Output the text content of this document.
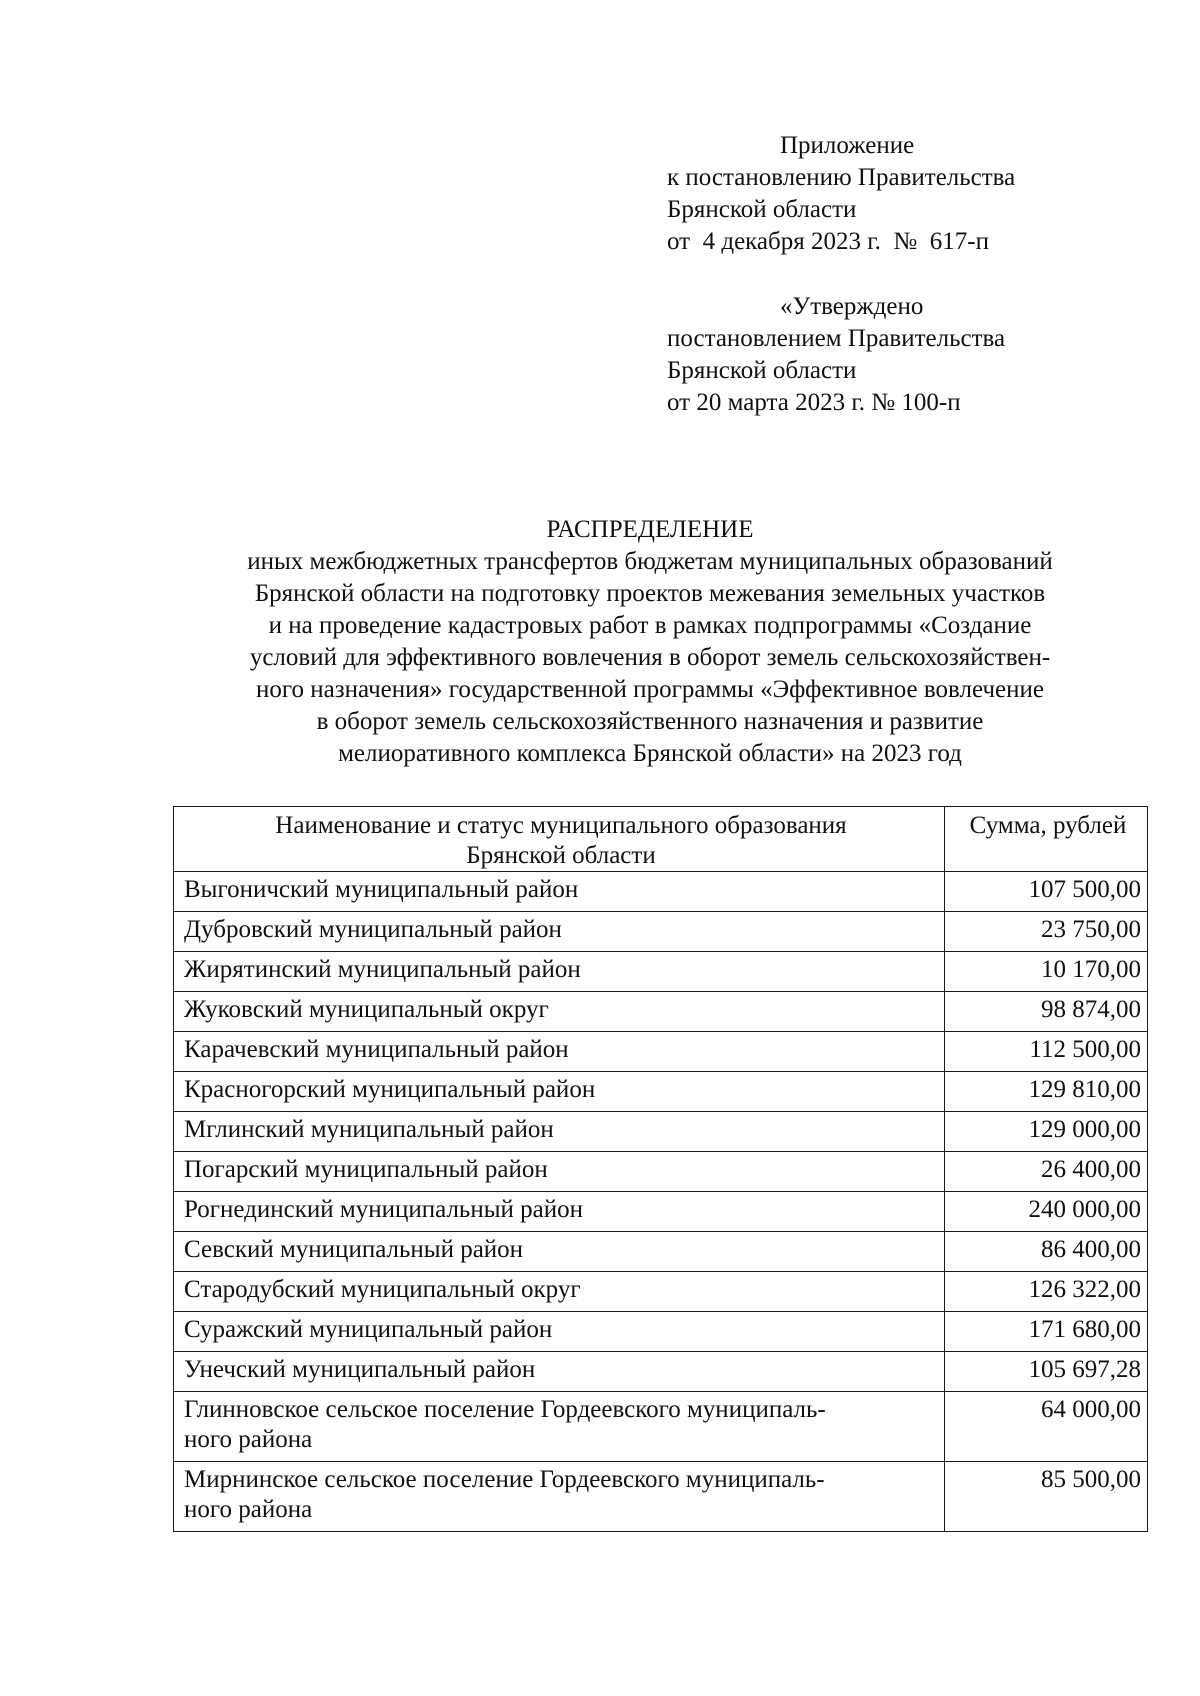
Приложение
к постановлению Правительства
Брянской области
от  4 декабря 2023 г.  №  617-п
«Утверждено
постановлением Правительства
Брянской области
от 20 марта 2023 г. № 100-п
РАСПРЕДЕЛЕНИЕ
иных межбюджетных трансфертов бюджетам муниципальных образований
Брянской области на подготовку проектов межевания земельных участков
и на проведение кадастровых работ в рамках подпрограммы «Создание
условий для эффективного вовлечения в оборот земель сельскохозяйствен-
ного назначения» государственной программы «Эффективное вовлечение
в оборот земель сельскохозяйственного назначения и развитие
мелиоративного комплекса Брянской области» на 2023 год
Наименование и статус муниципального образования
Брянской области	Сумма, рублей
Выгоничский муниципальный район	107 500,00
Дубровский муниципальный район	23 750,00
Жирятинский муниципальный район	10 170,00
Жуковский муниципальный округ	98 874,00
Карачевский муниципальный район	112 500,00
Красногорский муниципальный район	129 810,00
Мглинский муниципальный район	129 000,00
Погарский муниципальный район	26 400,00
Рогнединский муниципальный район	240 000,00
Севский муниципальный район	86 400,00
Стародубский муниципальный округ	126 322,00
Суражский муниципальный район	171 680,00
Унечский муниципальный район	105 697,28
Глинновское сельское поселение Гордеевского муниципаль-
ного района	64 000,00
Мирнинское сельское поселение Гордеевского муниципаль-
ного района	85 500,00
